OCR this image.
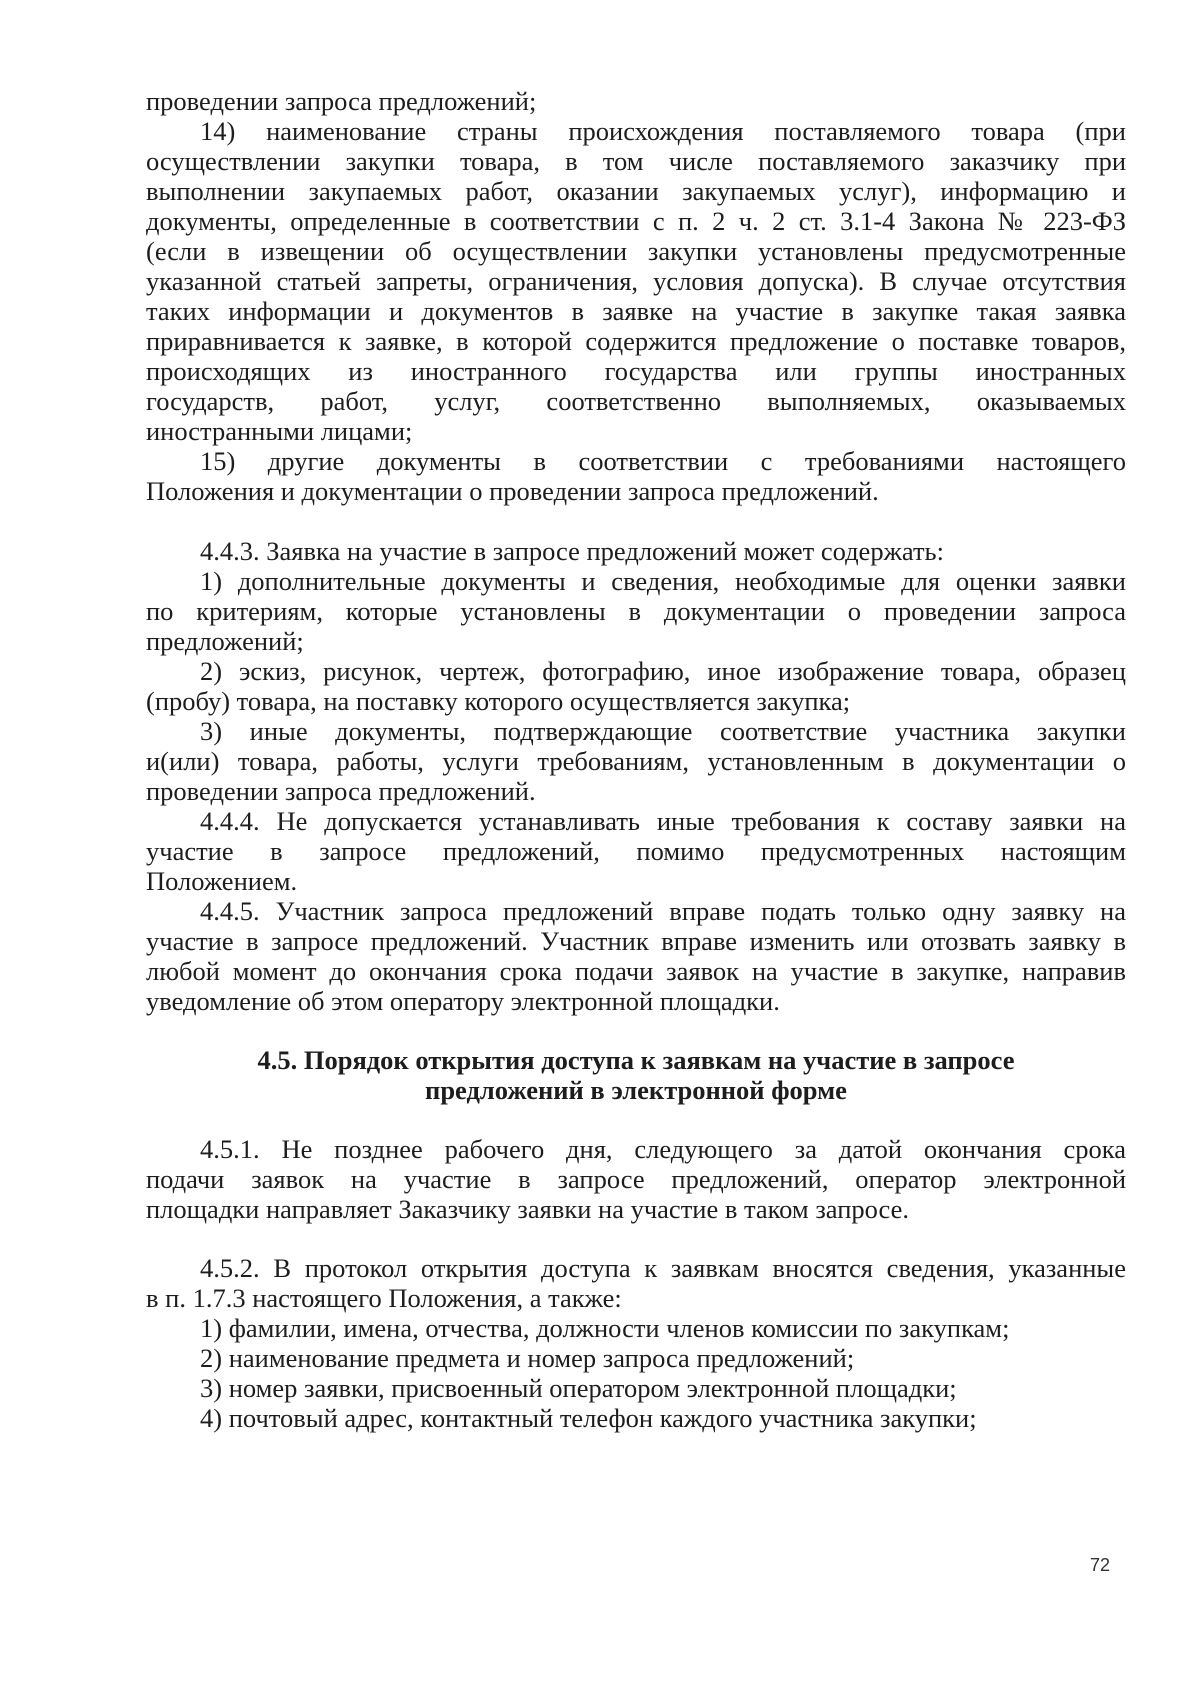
проведении запроса предложений;

14) наименование страны происхождения поставляемого товара (при

осуществлении закупки товара, в том числе поставляемого заказчику при

выполнении закупаемых работ, оказании закупаемых услуг), информацию и

документы, определенные в соответствии с п. 2 ч. 2 ст. 3.1-4 Закона № 223-ФЗ

(если в извещении об осуществлении закупки установлены предусмотренные

указанной статьей запреты, ограничения, условия допуска). В случае отсутствия

таких информации и документов в заявке на участие в закупке такая заявка

приравнивается к заявке, в которой содержится предложение о поставке товаров,

происходящих из иностранного государства или группы иностранных

государств, работ, услуг, соответственно выполняемых, оказываемых

иностранными лицами;

15) другие документы в соответствии с требованиями настоящего

Положения и документации о проведении запроса предложений.

4.4.3. Заявка на участие в запросе предложений может содержать:

1) дополнительные документы и сведения, необходимые для оценки заявки

по критериям, которые установлены в документации о проведении запроса

предложений;

2) эскиз, рисунок, чертеж, фотографию, иное изображение товара, образец

(пробу) товара, на поставку которого осуществляется закупка;

3) иные документы, подтверждающие соответствие участника закупки

и(или) товара, работы, услуги требованиям, установленным в документации о

проведении запроса предложений.

4.4.4. Не допускается устанавливать иные требования к составу заявки на

участие в запросе предложений, помимо предусмотренных настоящим

Положением.

4.4.5. Участник запроса предложений вправе подать только одну заявку на

участие в запросе предложений. Участник вправе изменить или отозвать заявку в

любой момент до окончания срока подачи заявок на участие в закупке, направив

уведомление об этом оператору электронной площадки.

4.5. Порядок открытия доступа к заявкам на участие в запросе

предложений в электронной форме

4.5.1. Не позднее рабочего дня, следующего за датой окончания срока

подачи заявок на участие в запросе предложений, оператор электронной

площадки направляет Заказчику заявки на участие в таком запросе.

4.5.2. В протокол открытия доступа к заявкам вносятся сведения, указанные

в п. 1.7.3 настоящего Положения, а также:

1) фамилии, имена, отчества, должности членов комиссии по закупкам;

2) наименование предмета и номер запроса предложений;

3) номер заявки, присвоенный оператором электронной площадки;

4) почтовый адрес, контактный телефон каждого участника закупки;

72
